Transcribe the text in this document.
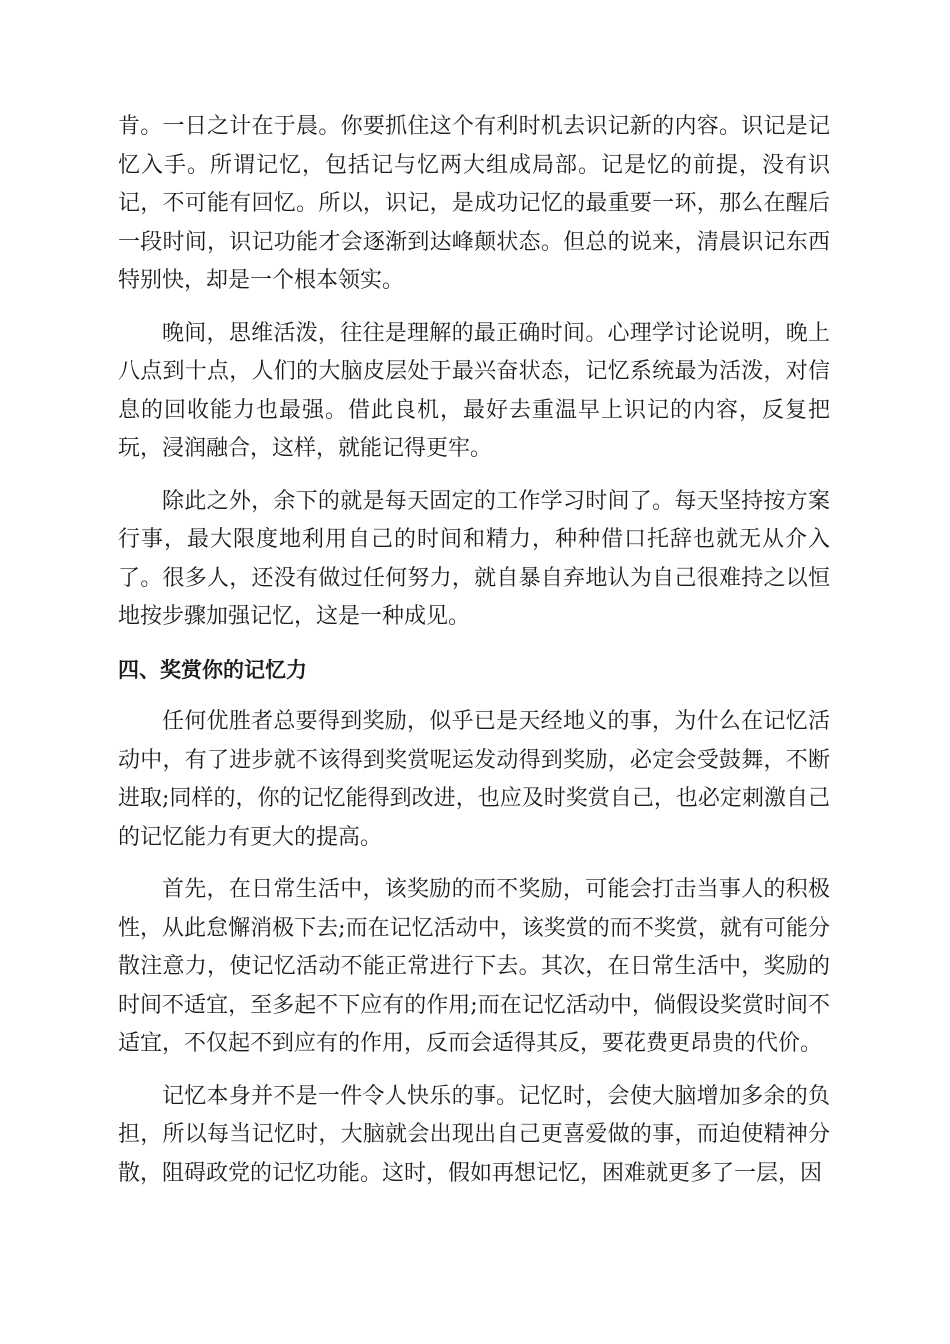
肯。一日之计在于晨。你要抓住这个有利时机去识记新的内容。识记是记忆入手。所谓记忆，包括记与忆两大组成局部。记是忆的前提，没有识记，不可能有回忆。所以，识记，是成功记忆的最重要一环，那么在醒后一段时间，识记功能才会逐渐到达峰颠状态。但总的说来，清晨识记东西特别快，却是一个根本领实。

晚间，思维活泼，往往是理解的最正确时间。心理学讨论说明，晚上八点到十点，人们的大脑皮层处于最兴奋状态，记忆系统最为活泼，对信息的回收能力也最强。借此良机，最好去重温早上识记的内容，反复把玩，浸润融合，这样，就能记得更牢。

除此之外，余下的就是每天固定的工作学习时间了。每天坚持按方案行事，最大限度地利用自己的时间和精力，种种借口托辞也就无从介入了。很多人，还没有做过任何努力，就自暴自弃地认为自己很难持之以恒地按步骤加强记忆，这是一种成见。

四、奖赏你的记忆力

任何优胜者总要得到奖励，似乎已是天经地义的事，为什么在记忆活动中，有了进步就不该得到奖赏呢运发动得到奖励，必定会受鼓舞，不断进取;同样的，你的记忆能得到改进，也应及时奖赏自己，也必定刺激自己的记忆能力有更大的提高。

首先，在日常生活中，该奖励的而不奖励，可能会打击当事人的积极性，从此怠懈消极下去;而在记忆活动中，该奖赏的而不奖赏，就有可能分散注意力，使记忆活动不能正常进行下去。其次，在日常生活中，奖励的时间不适宜，至多起不下应有的作用;而在记忆活动中，倘假设奖赏时间不适宜，不仅起不到应有的作用，反而会适得其反，要花费更昂贵的代价。

记忆本身并不是一件令人快乐的事。记忆时，会使大脑增加多余的负担，所以每当记忆时，大脑就会出现出自己更喜爱做的事，而迫使精神分散，阻碍政党的记忆功能。这时，假如再想记忆，困难就更多了一层，因
